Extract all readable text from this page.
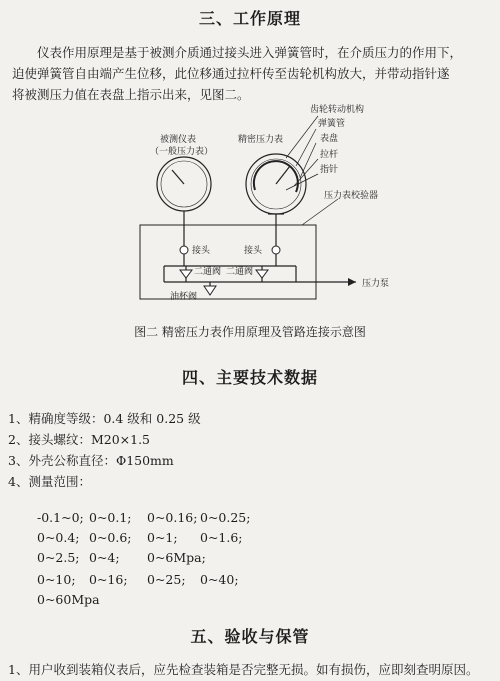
三、工作原理
仪表作用原理是基于被测介质通过接头进入弹簧管时，在介质压力的作用下，
迫使弹簧管自由端产生位移，此位移通过拉杆传至齿轮机构放大，并带动指针遂
将被测压力值在表盘上指示出来，见图二。
被测仪表
（一般压力表）
精密压力表
齿轮转动机构
弹簧管
表盘
拉杆
指针
压力表校验器
接头	接头
二通阀 二通阀
油杯阀
压力泵
图二 精密压力表作用原理及管路连接示意图
四、主要技术数据
1、精确度等级：0.4 级和 0.25 级
2、接头螺纹：M20×1.5
3、外壳公称直径：Φ150mm
4、测量范围：
-0.1~0; 0~0.1; 0~0.16; 0~0.25;
0~0.4; 0~0.6; 0~1; 0~1.6;
0~2.5; 0~4; 0~6Mpa;
0~10; 0~16; 0~25; 0~40;
0~60Mpa
五、验收与保管
1、用户收到装箱仪表后，应先检查装箱是否完整无损。如有损伤，应即刻查明原因。
